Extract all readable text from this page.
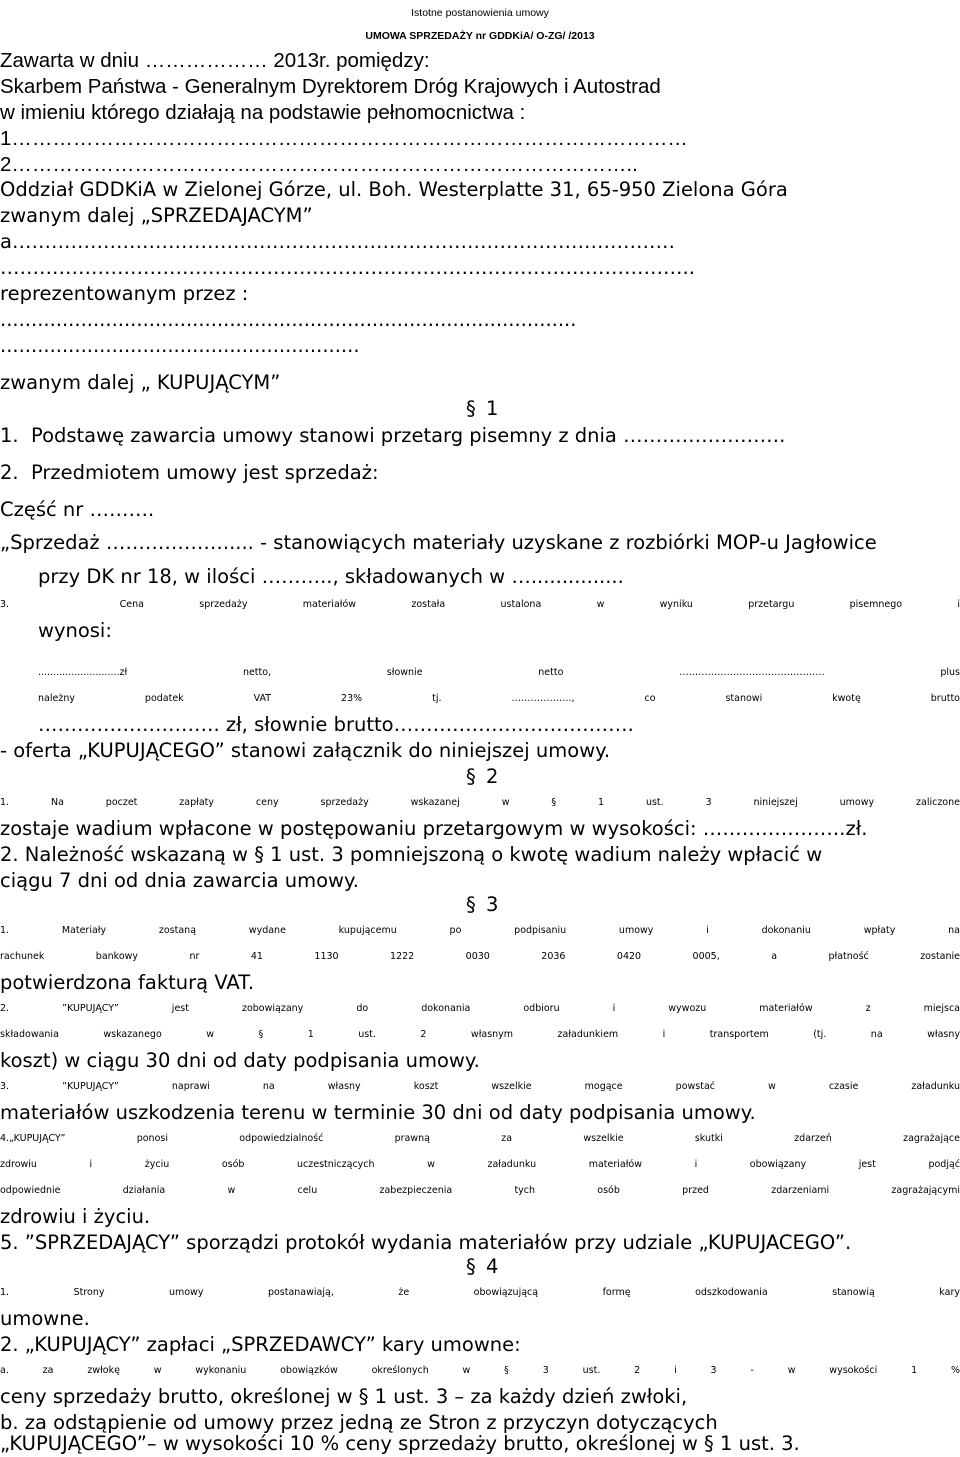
Istotne postanowienia umowy
UMOWA SPRZEDAŻY nr GDDKiA/ O-ZG/ /2013
Zawarta w dniu ……………… 2013r. pomiędzy:
Skarbem Państwa - Generalnym Dyrektorem Dróg Krajowych i Autostrad
w imieniu którego działają na podstawie pełnomocnictwa :
1………………………………………………………………………………………
2………………………………………………………………………………..
Oddział GDDKiA w Zielonej Górze, ul. Boh. Westerplatte 31, 65-950 Zielona Góra
zwanym dalej „SPRZEDAJACYM”
a…………………………………………………………………………………………
……………………………………………………………………………………………..
reprezentowanym przez :
.............................................................................................
..........................................................
zwanym dalej „ KUPUJĄCYM”
§ 1
1.  Podstawę zawarcia umowy stanowi przetarg pisemny z dnia …………………….
2.  Przedmiotem umowy jest sprzedaż:
Część nr ……….
„Sprzedaż ………………..... - stanowiących materiały uzyskane z rozbiórki MOP-u Jagłowice
przy DK nr 18, w ilości ……….., składowanych w …...............
3.  Cena sprzedaży materiałów została ustalona w wyniku przetargu pisemnego i
wynosi:
...........................zł netto, słownie netto ………………………………………. plus
należny podatek VAT 23% tj. ………………., co stanowi kwotę brutto
………………………. zł, słownie brutto……………………………….
- oferta „KUPUJĄCEGO” stanowi załącznik do niniejszej umowy.
§ 2
1. Na poczet zapłaty ceny sprzedaży wskazanej w § 1 ust. 3 niniejszej umowy zaliczone
zostaje wadium wpłacone w postępowaniu przetargowym w wysokości: ………………….zł.
2. Należność wskazaną w § 1 ust. 3 pomniejszoną o kwotę wadium należy wpłacić w
ciągu 7 dni od dnia zawarcia umowy.
§ 3
1. Materiały zostaną wydane kupującemu po podpisaniu umowy i dokonaniu wpłaty na
rachunek bankowy nr 41 1130 1222 0030 2036 0420 0005, a płatność zostanie
potwierdzona fakturą VAT.
2. ”KUPUJĄCY” jest zobowiązany do dokonania odbioru i wywozu materiałów z miejsca
składowania wskazanego w § 1 ust. 2 własnym załadunkiem i transportem (tj. na własny
koszt) w ciągu 30 dni od daty podpisania umowy.
3. ”KUPUJĄCY” naprawi na własny koszt wszelkie mogące powstać w czasie załadunku
materiałów uszkodzenia terenu w terminie 30 dni od daty podpisania umowy.
4.„KUPUJĄCY” ponosi odpowiedzialność prawną za wszelkie skutki zdarzeń zagrażające
zdrowiu i życiu osób uczestniczących w załadunku materiałów i obowiązany jest podjąć
odpowiednie działania w celu zabezpieczenia tych osób przed zdarzeniami zagrażającymi
zdrowiu i życiu.
5. ”SPRZEDAJĄCY” sporządzi protokół wydania materiałów przy udziale „KUPUJACEGO”.
§ 4
1. Strony umowy postanawiają, że obowiązującą formę odszkodowania stanowią kary
umowne.
2. „KUPUJĄCY” zapłaci „SPRZEDAWCY” kary umowne:
a. za zwłokę w wykonaniu obowiązków określonych w § 3 ust. 2 i 3 - w wysokości 1 %
ceny sprzedaży brutto, określonej w § 1 ust. 3 – za każdy dzień zwłoki,
b. za odstąpienie od umowy przez jedną ze Stron z przyczyn dotyczących
„KUPUJĄCEGO”– w wysokości 10 % ceny sprzedaży brutto, określonej w § 1 ust. 3.
